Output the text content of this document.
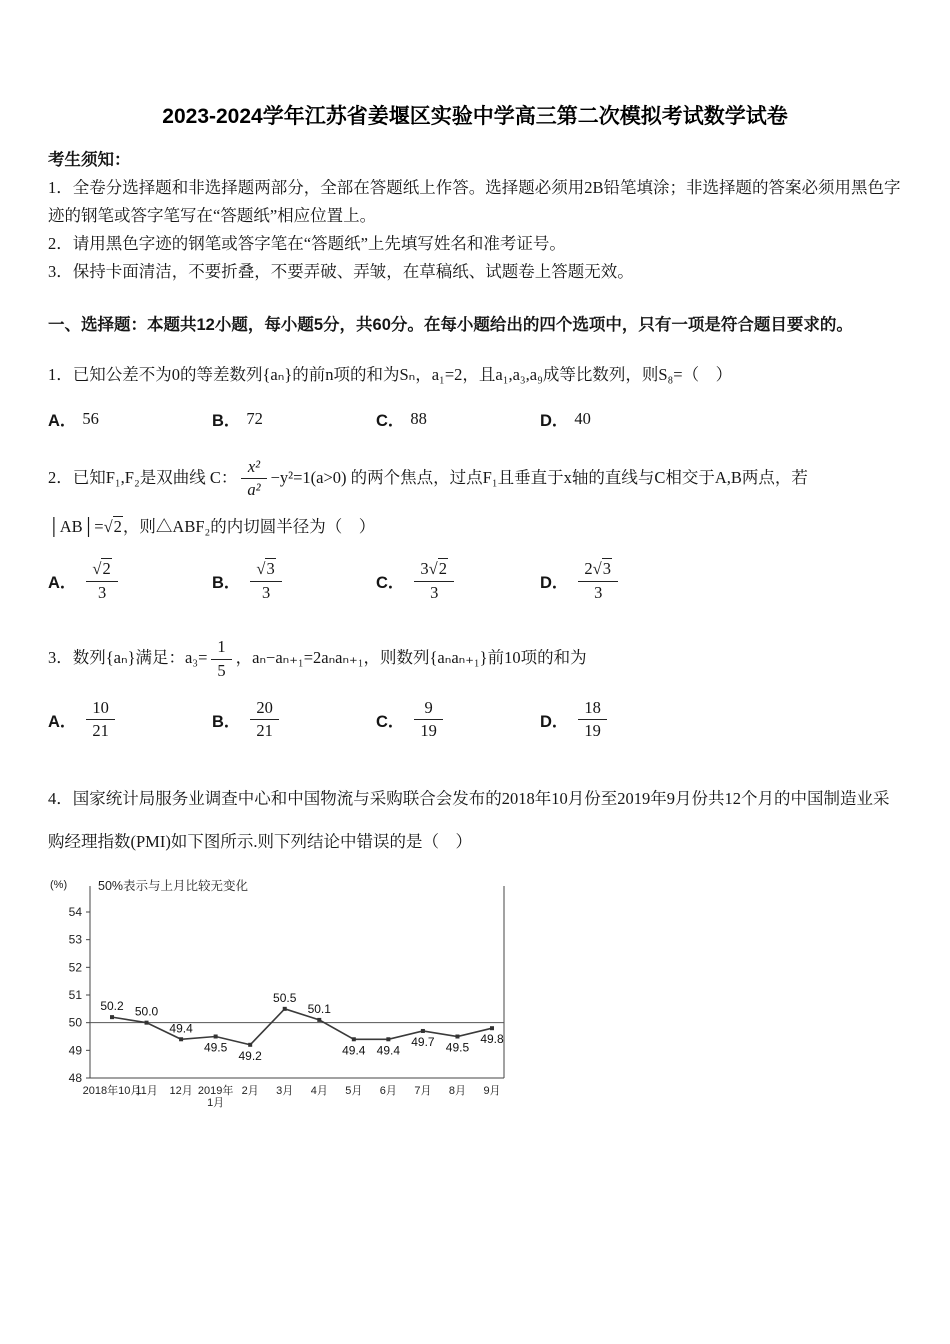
2023-2024学年江苏省姜堰区实验中学高三第二次模拟考试数学试卷

考生须知：

1．全卷分选择题和非选择题两部分，全部在答题纸上作答。选择题必须用2B铅笔填涂；非选择题的答案必须用黑色字迹的钢笔或答字笔写在“答题纸”相应位置上。

2．请用黑色字迹的钢笔或答字笔在“答题纸”上先填写姓名和准考证号。

3．保持卡面清洁，不要折叠，不要弄破、弄皱，在草稿纸、试题卷上答题无效。

一、选择题：本题共12小题，每小题5分，共60分。在每小题给出的四个选项中，只有一项是符合题目要求的。

1．已知公差不为0的等差数列{aₙ}的前n项的和为Sₙ，a₁=2，且a₁,a₃,a₉成等比数列，则S₈=（　）

A． 56	B． 72	C． 88	D． 40

2．已知F₁,F₂是双曲线 C： $\frac{\text{x²}}{\text{a²}} -y^2=1(a>0)$ 的两个焦点，过点F₁且垂直于x轴的直线与C相交于A,B两点，若

│AB│= √ 2，则△ABF₂的内切圆半径为（　）

A． √ $\frac{2}{3}$	B． √ $\frac{3}{3}$	C． $\frac{3 √ 2}{3}$	D． $\frac{2 √ 3}{3}$

3．数列{aₙ}满足：$a_3= \frac{1}{5}$ ，aₙ−aₙ₊₁=2aₙaₙ₊₁，则数列{aₙaₙ₊₁}前10项的和为

A． $\frac{10}{21}$	B． $\frac{20}{21}$	C． $\frac{9}{19}$	D． $\frac{18}{19}$

4．国家统计局服务业调查中心和中国物流与采购联合会发布的2018年10月份至2019年9月份共12个月的中国制造业采购经理指数(PMI)如下图所示.则下列结论中错误的是（　）

54
53
52
51
50
49
48
(%) 50%表示与上月比较无变化
50.2 50.0
49.4
49.5
49.2
50.5
50.1
49.4 49.4
49.7 49.5
49.8
2018年10月
11月 12月 2019年 1月
2月 3月 4月 5月 6月 7月 8月 9月
